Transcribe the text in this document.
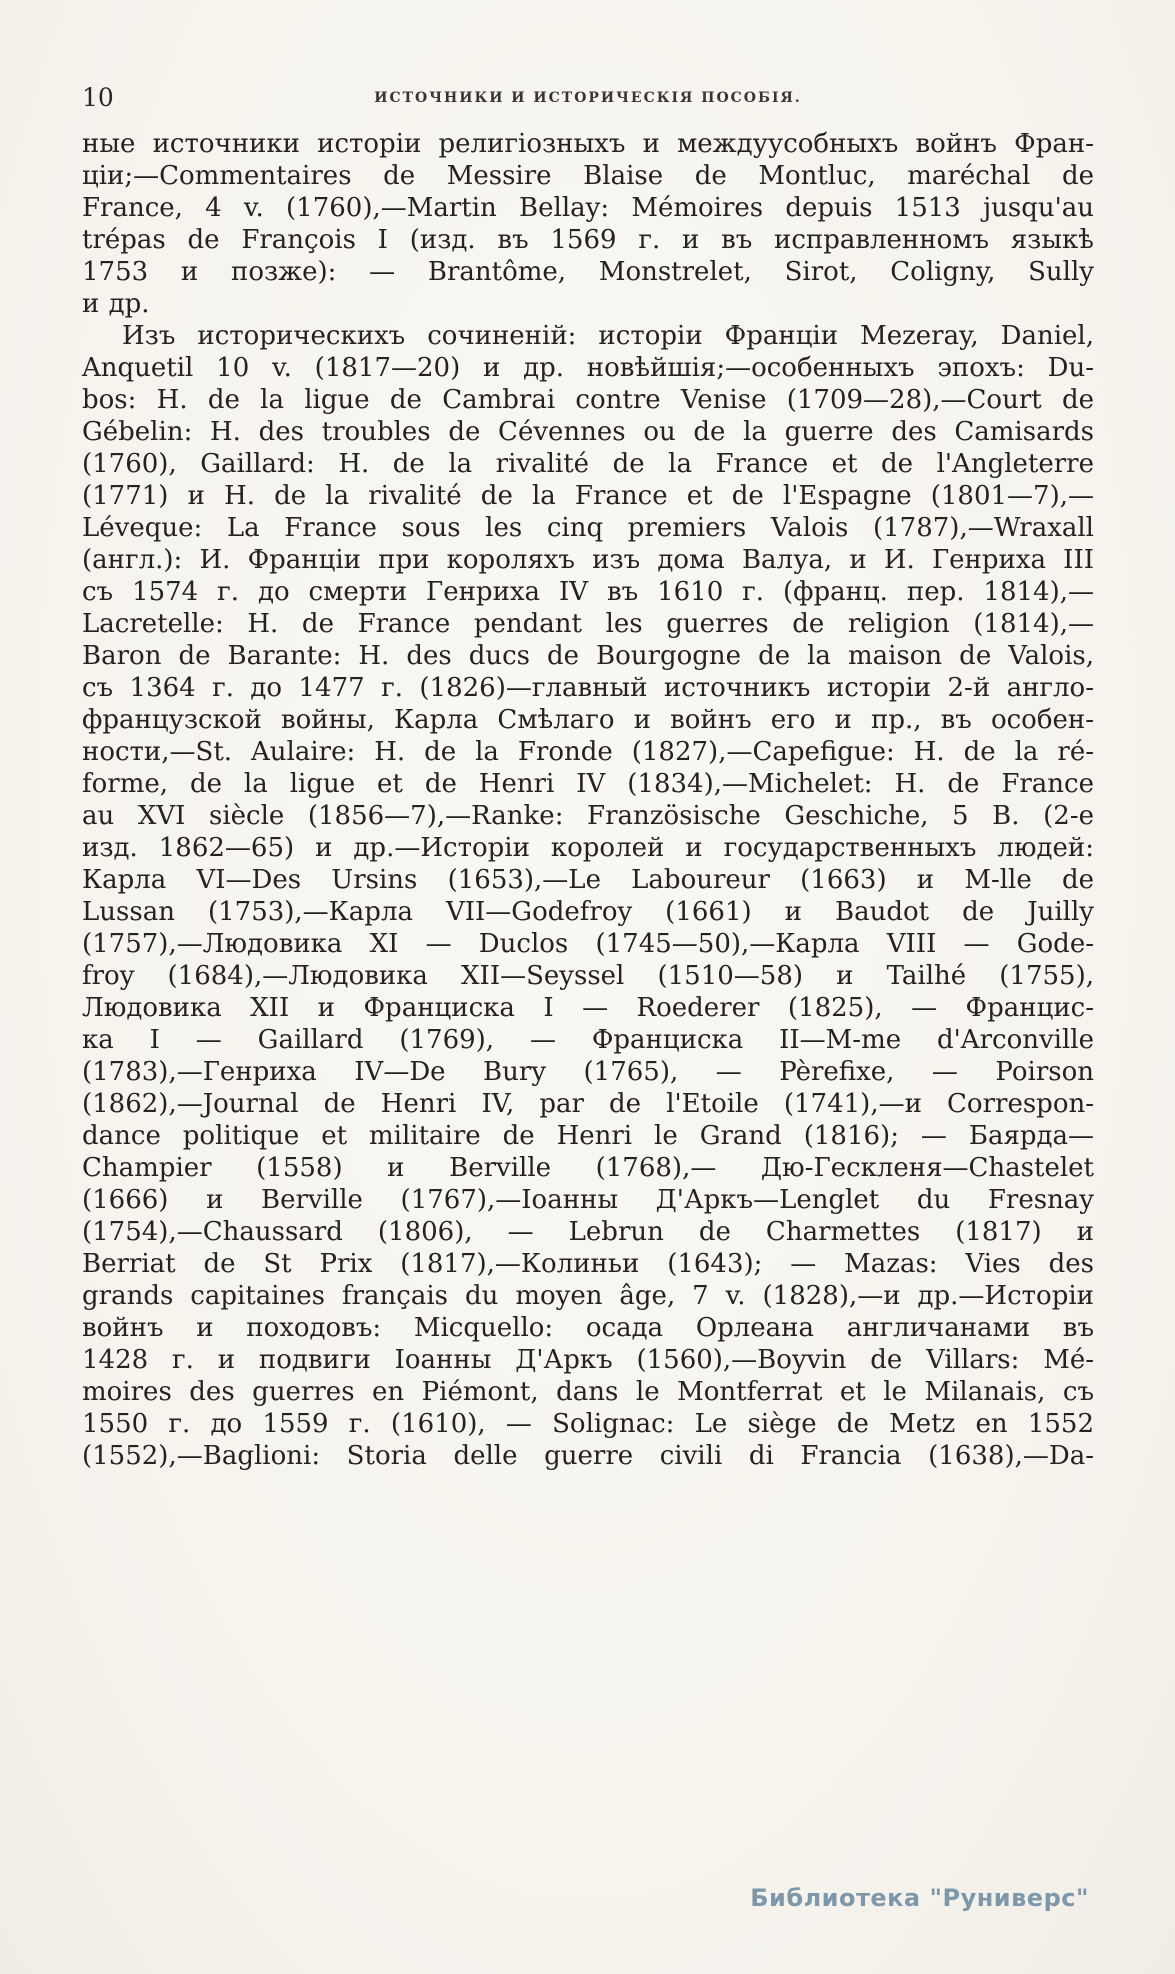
10	ИСТОЧНИКИ И ИСТОРИЧЕСКІЯ ПОСОБІЯ.
ные источники исторіи религіозныхъ и междуусобныхъ войнъ Фран-
ціи;—Commentaires de Messire Blaise de Montluc, maréchal de
France, 4 v. (1760),—Martin Bellay: Mémoires depuis 1513 jusqu'au
trépas de François I (изд. въ 1569 г. и въ исправленномъ языкѣ
1753 и позже): — Brantôme, Monstrelet, Sirot, Coligny, Sully
и др.
Изъ историческихъ сочиненій: исторіи Франціи Mezeray, Daniel,
Anquetil 10 v. (1817—20) и др. новѣйшія;—особенныхъ эпохъ: Du-
bos: H. de la ligue de Cambrai contre Venise (1709—28),—Court de
Gébelin: H. des troubles de Cévennes ou de la guerre des Camisards
(1760), Gaillard: H. de la rivalité de la France et de l'Angleterre
(1771) и H. de la rivalité de la France et de l'Espagne (1801—7),—
Léveque: La France sous les cinq premiers Valois (1787),—Wraxall
(англ.): И. Франціи при короляхъ изъ дома Валуа, и И. Генриха III
съ 1574 г. до смерти Генриха IV въ 1610 г. (франц. пер. 1814),—
Lacretelle: H. de France pendant les guerres de religion (1814),—
Baron de Barante: H. des ducs de Bourgogne de la maison de Valois,
съ 1364 г. до 1477 г. (1826)—главный источникъ исторіи 2-й англо-
французской войны, Карла Смѣлаго и войнъ его и пр., въ особен-
ности,—St. Aulaire: H. de la Fronde (1827),—Capefigue: H. de la ré-
forme, de la ligue et de Henri IV (1834),—Michelet: H. de France
au XVI siècle (1856—7),—Ranke: Französische Geschiche, 5 B. (2-е
изд. 1862—65) и др.—Исторіи королей и государственныхъ людей:
Карла VI—Des Ursins (1653),—Le Laboureur (1663) и M-lle de
Lussan (1753),—Карла VII—Godefroy (1661) и Baudot de Juilly
(1757),—Людовика XI — Duclos (1745—50),—Карла VIII — Gode-
froy (1684),—Людовика XII—Seyssel (1510—58) и Tailhé (1755),
Людовика XII и Франциска I — Roederer (1825), — Францис-
ка I — Gaillard (1769), — Франциска II—M-me d'Arconville
(1783),—Генриха IV—De Bury (1765), — Pèrefixe, — Poirson
(1862),—Journal de Henri IV, par de l'Etoile (1741),—и Correspon-
dance politique et militaire de Henri le Grand (1816); — Баярда—
Champier (1558) и Berville (1768),— Дю-Гескленя—Chastelet
(1666) и Berville (1767),—Іоанны Д'Аркъ—Lenglet du Fresnay
(1754),—Chaussard (1806), — Lebrun de Charmettes (1817) и
Berriat de St Prix (1817),—Колиньи (1643); — Mazas: Vies des
grands capitaines français du moyen âge, 7 v. (1828),—и др.—Исторіи
войнъ и походовъ: Micquello: осада Орлеана англичанами въ
1428 г. и подвиги Іоанны Д'Аркъ (1560),—Boyvin de Villars: Mé-
moires des guerres en Piémont, dans le Montferrat et le Milanais, съ
1550 г. до 1559 г. (1610), — Solignac: Le siège de Metz en 1552
(1552),—Baglioni: Storia delle guerre civili di Francia (1638),—Da-
Библиотека "Руниверс"
